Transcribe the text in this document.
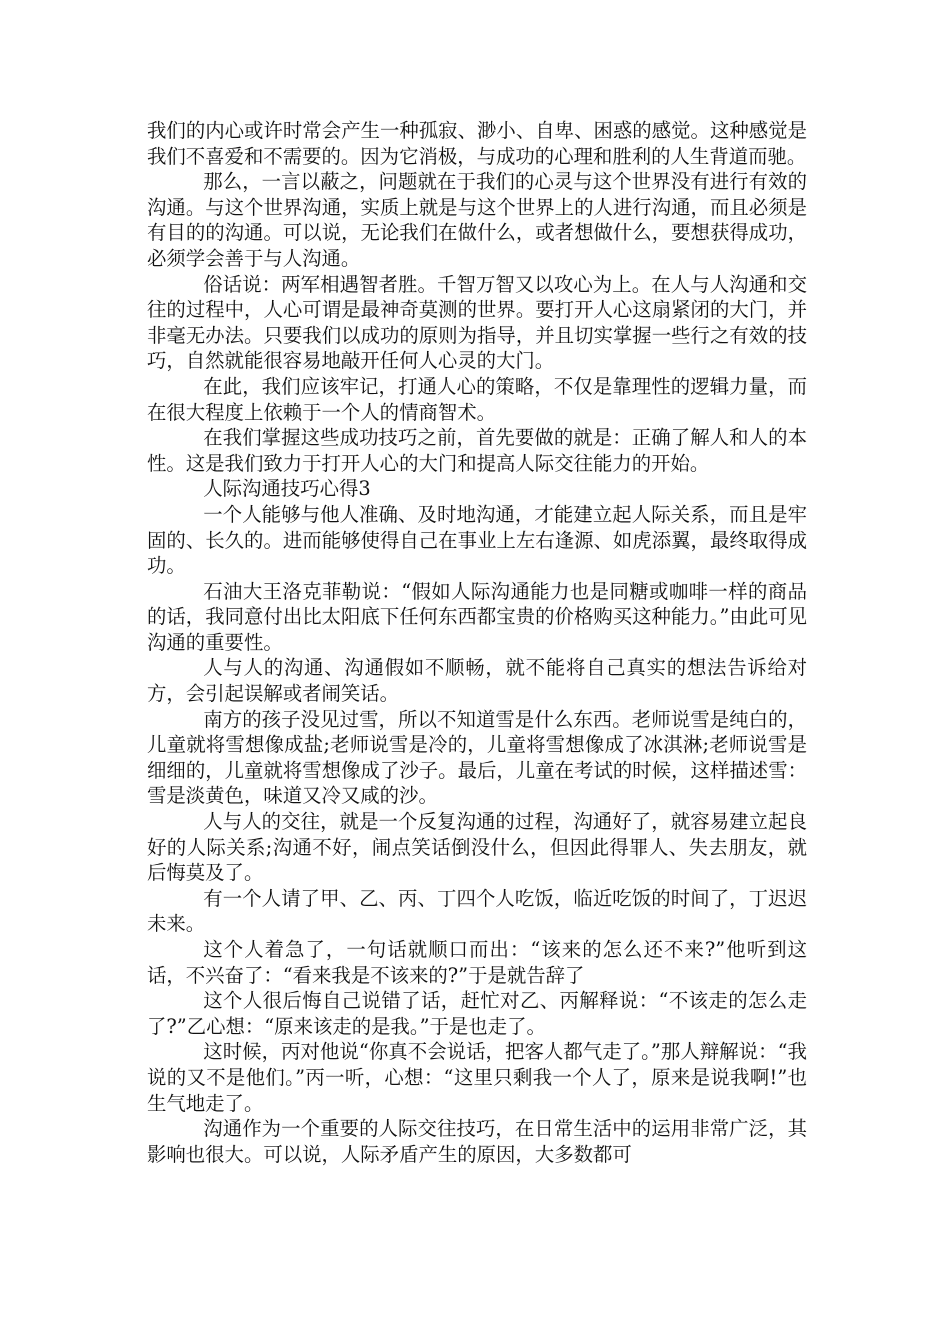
我们的内心或许时常会产生一种孤寂、渺小、自卑、困惑的感觉。这种感觉是我们不喜爱和不需要的。因为它消极，与成功的心理和胜利的人生背道而驰。

那么，一言以蔽之，问题就在于我们的心灵与这个世界没有进行有效的沟通。与这个世界沟通，实质上就是与这个世界上的人进行沟通，而且必须是有目的的沟通。可以说，无论我们在做什么，或者想做什么，要想获得成功，必须学会善于与人沟通。

俗话说：两军相遇智者胜。千智万智又以攻心为上。在人与人沟通和交往的过程中，人心可谓是最神奇莫测的世界。要打开人心这扇紧闭的大门，并非毫无办法。只要我们以成功的原则为指导，并且切实掌握一些行之有效的技巧，自然就能很容易地敲开任何人心灵的大门。

在此，我们应该牢记，打通人心的策略，不仅是靠理性的逻辑力量，而在很大程度上依赖于一个人的情商智术。

在我们掌握这些成功技巧之前，首先要做的就是：正确了解人和人的本性。这是我们致力于打开人心的大门和提高人际交往能力的开始。

人际沟通技巧心得3

一个人能够与他人准确、及时地沟通，才能建立起人际关系，而且是牢固的、长久的。进而能够使得自己在事业上左右逢源、如虎添翼，最终取得成功。

石油大王洛克菲勒说：“假如人际沟通能力也是同糖或咖啡一样的商品的话，我同意付出比太阳底下任何东西都宝贵的价格购买这种能力。”由此可见沟通的重要性。

人与人的沟通、沟通假如不顺畅，就不能将自己真实的想法告诉给对方，会引起误解或者闹笑话。

南方的孩子没见过雪，所以不知道雪是什么东西。老师说雪是纯白的，儿童就将雪想像成盐;老师说雪是冷的，儿童将雪想像成了冰淇淋;老师说雪是细细的，儿童就将雪想像成了沙子。最后，儿童在考试的时候，这样描述雪：雪是淡黄色，味道又冷又咸的沙。

人与人的交往，就是一个反复沟通的过程，沟通好了，就容易建立起良好的人际关系;沟通不好，闹点笑话倒没什么，但因此得罪人、失去朋友，就后悔莫及了。

有一个人请了甲、乙、丙、丁四个人吃饭，临近吃饭的时间了，丁迟迟未来。

这个人着急了，一句话就顺口而出：“该来的怎么还不来?”他听到这话，不兴奋了：“看来我是不该来的?”于是就告辞了

这个人很后悔自己说错了话，赶忙对乙、丙解释说：“不该走的怎么走了?”乙心想：“原来该走的是我。”于是也走了。

这时候，丙对他说“你真不会说话，把客人都气走了。”那人辩解说：“我说的又不是他们。”丙一听，心想：“这里只剩我一个人了，原来是说我啊!”也生气地走了。

沟通作为一个重要的人际交往技巧，在日常生活中的运用非常广泛，其影响也很大。可以说，人际矛盾产生的原因，大多数都可
